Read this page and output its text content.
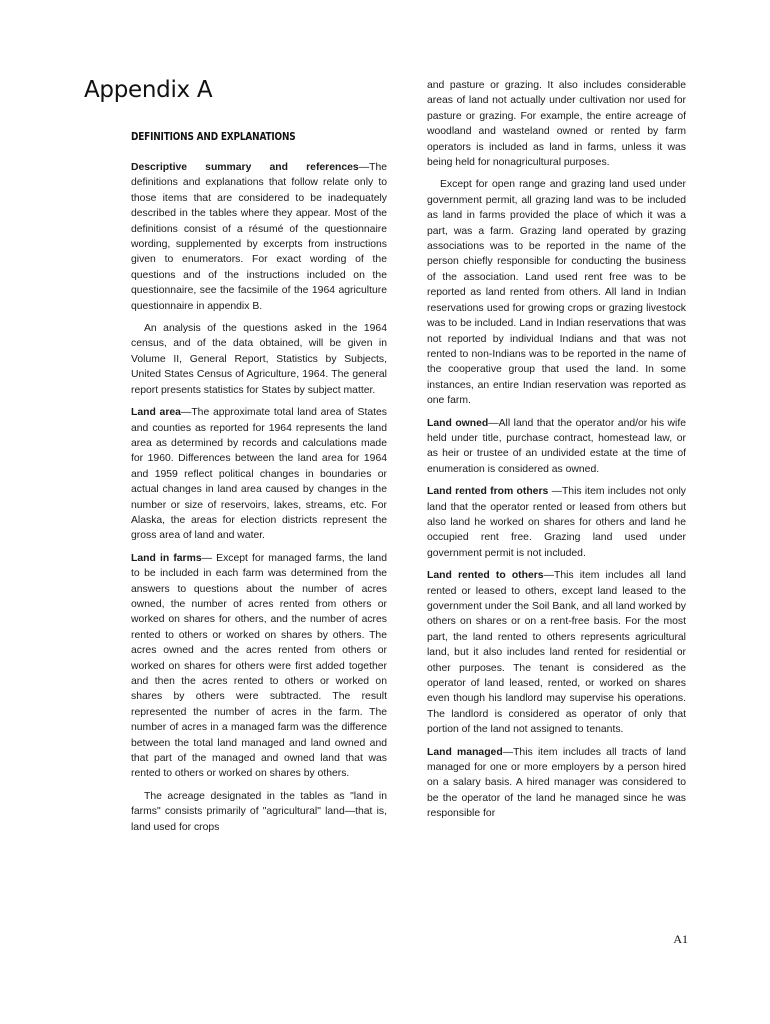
Appendix A
DEFINITIONS AND EXPLANATIONS

Descriptive summary and references—The definitions and explanations that follow relate only to those items that are considered to be inadequately described in the tables where they appear. Most of the definitions consist of a résumé of the questionnaire wording, supplemented by excerpts from instructions given to enumerators. For exact wording of the questions and of the instructions included on the questionnaire, see the facsimile of the 1964 agriculture questionnaire in appendix B.

An analysis of the questions asked in the 1964 census, and of the data obtained, will be given in Volume II, General Report, Statistics by Subjects, United States Census of Agriculture, 1964. The general report presents statistics for States by subject matter.

Land area—The approximate total land area of States and counties as reported for 1964 represents the land area as determined by records and calculations made for 1960. Differences between the land area for 1964 and 1959 reflect political changes in boundaries or actual changes in land area caused by changes in the number or size of reservoirs, lakes, streams, etc. For Alaska, the areas for election districts represent the gross area of land and water.

Land in farms— Except for managed farms, the land to be included in each farm was determined from the answers to questions about the number of acres owned, the number of acres rented from others or worked on shares for others, and the number of acres rented to others or worked on shares by others. The acres owned and the acres rented from others or worked on shares for others were first added together and then the acres rented to others or worked on shares by others were subtracted. The result represented the number of acres in the farm. The number of acres in a managed farm was the difference between the total land managed and land owned and that part of the managed and owned land that was rented to others or worked on shares by others.

The acreage designated in the tables as "land in farms" consists primarily of "agricultural" land—that is, land used for crops

and pasture or grazing. It also includes considerable areas of land not actually under cultivation nor used for pasture or grazing. For example, the entire acreage of woodland and wasteland owned or rented by farm operators is included as land in farms, unless it was being held for nonagricultural purposes.

Except for open range and grazing land used under government permit, all grazing land was to be included as land in farms provided the place of which it was a part, was a farm. Grazing land operated by grazing associations was to be reported in the name of the person chiefly responsible for conducting the business of the association. Land used rent free was to be reported as land rented from others. All land in Indian reservations used for growing crops or grazing livestock was to be included. Land in Indian reservations that was not reported by individual Indians and that was not rented to non-Indians was to be reported in the name of the cooperative group that used the land. In some instances, an entire Indian reservation was reported as one farm.

Land owned—All land that the operator and/or his wife held under title, purchase contract, homestead law, or as heir or trustee of an undivided estate at the time of enumeration is considered as owned.

Land rented from others —This item includes not only land that the operator rented or leased from others but also land he worked on shares for others and land he occupied rent free. Grazing land used under government permit is not included.

Land rented to others—This item includes all land rented or leased to others, except land leased to the government under the Soil Bank, and all land worked by others on shares or on a rent-free basis. For the most part, the land rented to others represents agricultural land, but it also includes land rented for residential or other purposes. The tenant is considered as the operator of land leased, rented, or worked on shares even though his landlord may supervise his operations. The landlord is considered as operator of only that portion of the land not assigned to tenants.

Land managed—This item includes all tracts of land managed for one or more employers by a person hired on a salary basis. A hired manager was considered to be the operator of the land he managed since he was responsible for

A1
